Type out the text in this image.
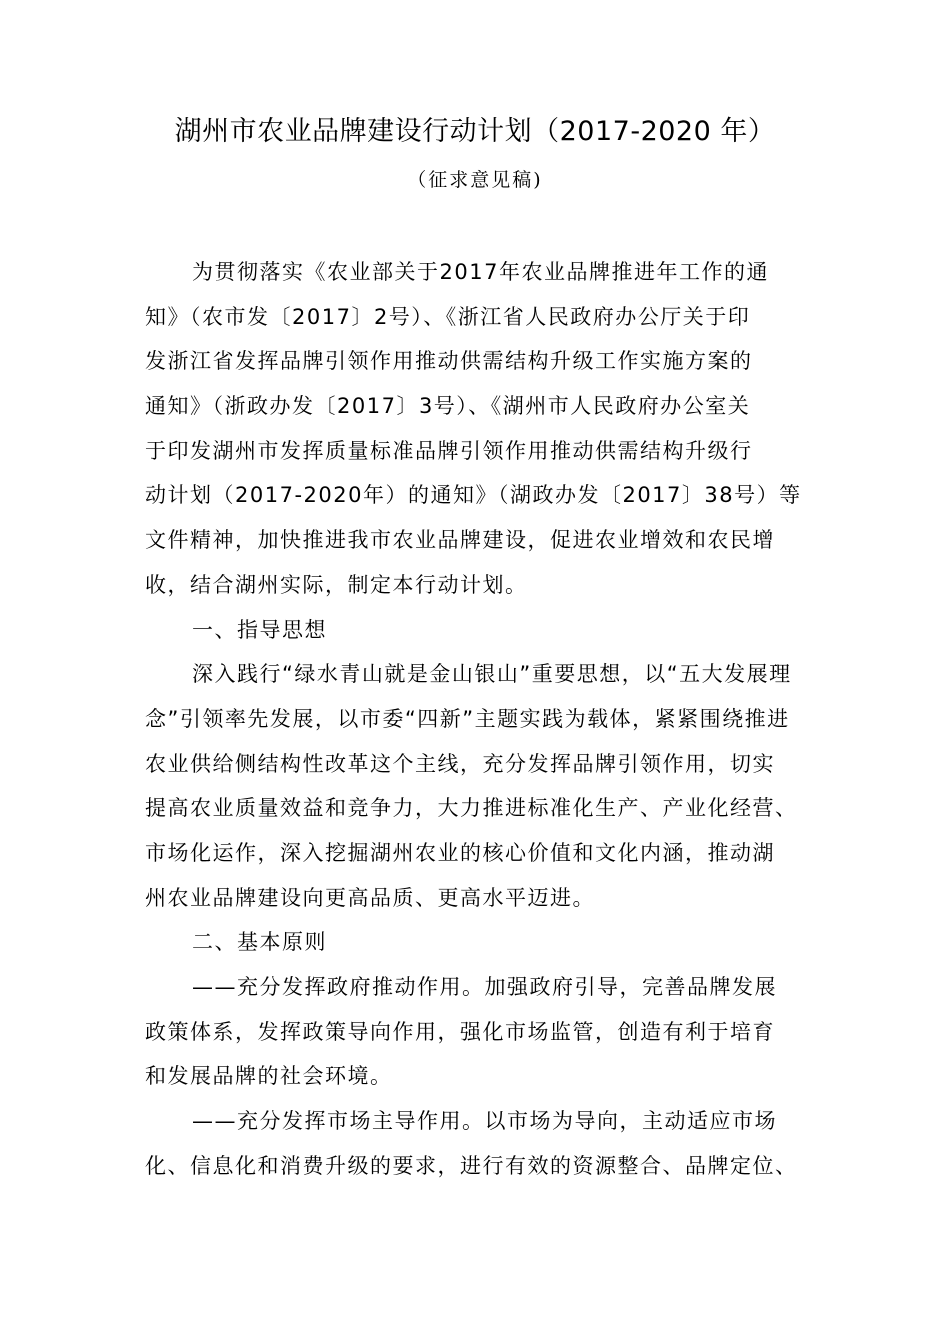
湖州市农业品牌建设行动计划（2017-2020 年）
（征求意见稿)
为贯彻落实《农业部关于2017年农业品牌推进年工作的通
知》（农市发〔2017〕2号）、《浙江省人民政府办公厅关于印
发浙江省发挥品牌引领作用推动供需结构升级工作实施方案的
通知》（浙政办发〔2017〕3号）、《湖州市人民政府办公室关
于印发湖州市发挥质量标准品牌引领作用推动供需结构升级行
动计划（2017-2020年）的通知》（湖政办发〔2017〕38号）等
文件精神，加快推进我市农业品牌建设，促进农业增效和农民增
收，结合湖州实际，制定本行动计划。
一、指导思想
深入践行“绿水青山就是金山银山”重要思想，以“五大发展理
念”引领率先发展，以市委“四新”主题实践为载体，紧紧围绕推进
农业供给侧结构性改革这个主线，充分发挥品牌引领作用，切实
提高农业质量效益和竞争力，大力推进标准化生产、产业化经营、
市场化运作，深入挖掘湖州农业的核心价值和文化内涵，推动湖
州农业品牌建设向更高品质、更高水平迈进。
二、基本原则
——充分发挥政府推动作用。加强政府引导，完善品牌发展
政策体系，发挥政策导向作用，强化市场监管，创造有利于培育
和发展品牌的社会环境。
——充分发挥市场主导作用。以市场为导向，主动适应市场
化、信息化和消费升级的要求，进行有效的资源整合、品牌定位、
